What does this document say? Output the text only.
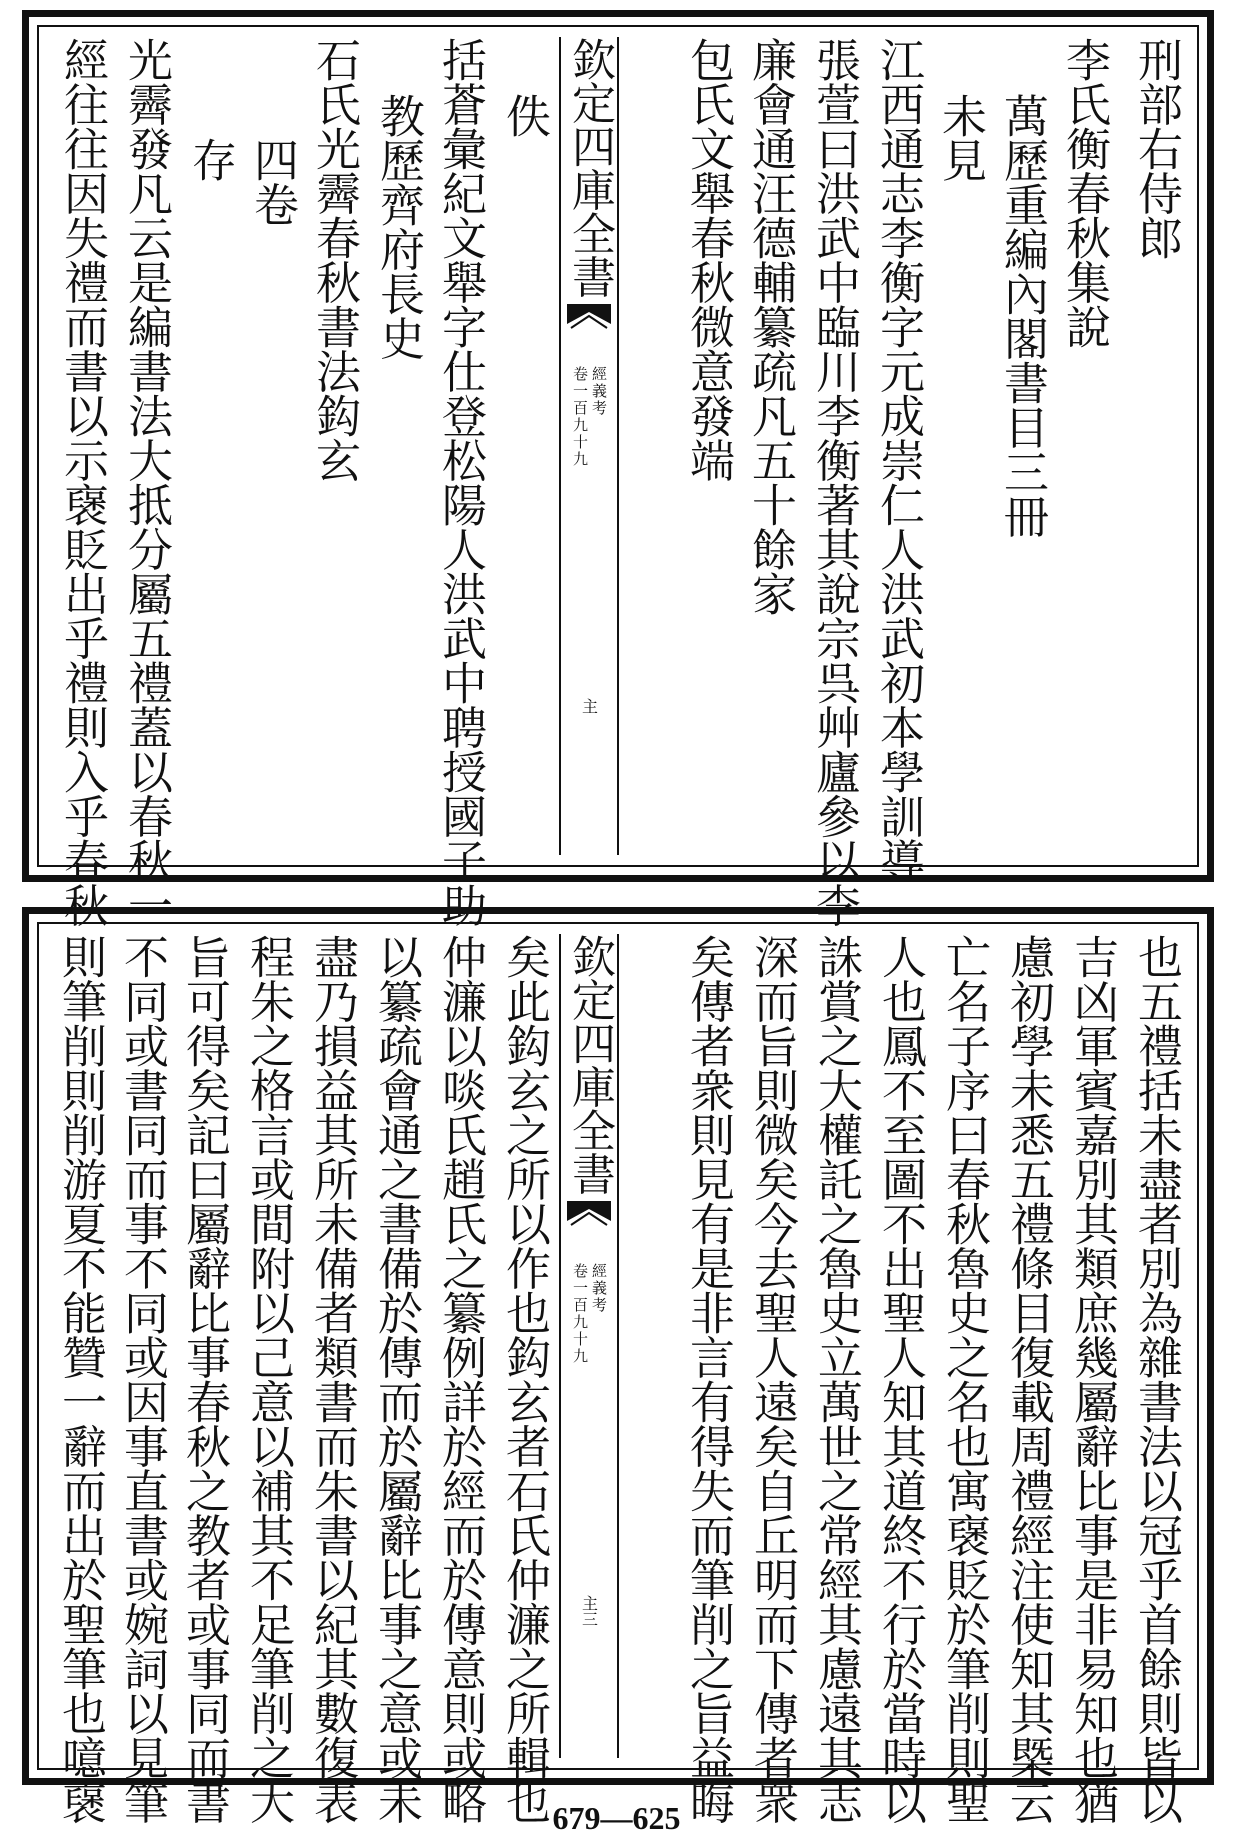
刑部右侍郎
李氏衡春秋集說
萬歷重編內閣書目三冊
未見
江西通志李衡字元成崇仁人洪武初本學訓導
張萱曰洪武中臨川李衡著其說宗呉艸廬參以李
廉會通汪德輔纂疏凡五十餘家
包氏文舉春秋微意發端
欽定四庫全書
經義考
卷一百九十九
主
佚
括蒼彙紀文舉字仕登松陽人洪武中聘授國子助
教歷齊府長史
石氏光霽春秋書法鈎玄
四卷
存
光霽發凡云是編書法大抵分屬五禮蓋以春秋一
經往往因失禮而書以示襃貶出乎禮則入乎春秋
也五禮括未盡者別為雜書法以冠乎首餘則皆以
吉凶軍賓嘉別其類庶幾屬辭比事是非易知也猶
慮初學未悉五禮條目復載周禮經注使知其槩云
亡名子序曰春秋魯史之名也寓襃貶於筆削則聖
人也鳳不至圖不出聖人知其道終不行於當時以
誅賞之大權託之魯史立萬世之常經其慮遠其志
深而旨則微矣今去聖人遠矣自丘明而下傳者衆
矣傳者衆則見有是非言有得失而筆削之旨益晦
欽定四庫全書
經義考
卷一百九十九
主三
矣此鈎玄之所以作也鈎玄者石氏仲濂之所輯也
仲濂以啖氏趙氏之纂例詳於經而於傳意則或略
以纂疏會通之書備於傳而於屬辭比事之意或未
盡乃損益其所未備者類書而朱書以紀其數復表
程朱之格言或間附以己意以補其不足筆削之大
旨可得矣記曰屬辭比事春秋之教者或事同而書
不同或書同而事不同或因事直書或婉詞以見筆
則筆削則削游夏不能贊一辭而出於聖筆也噫襃	679—625
